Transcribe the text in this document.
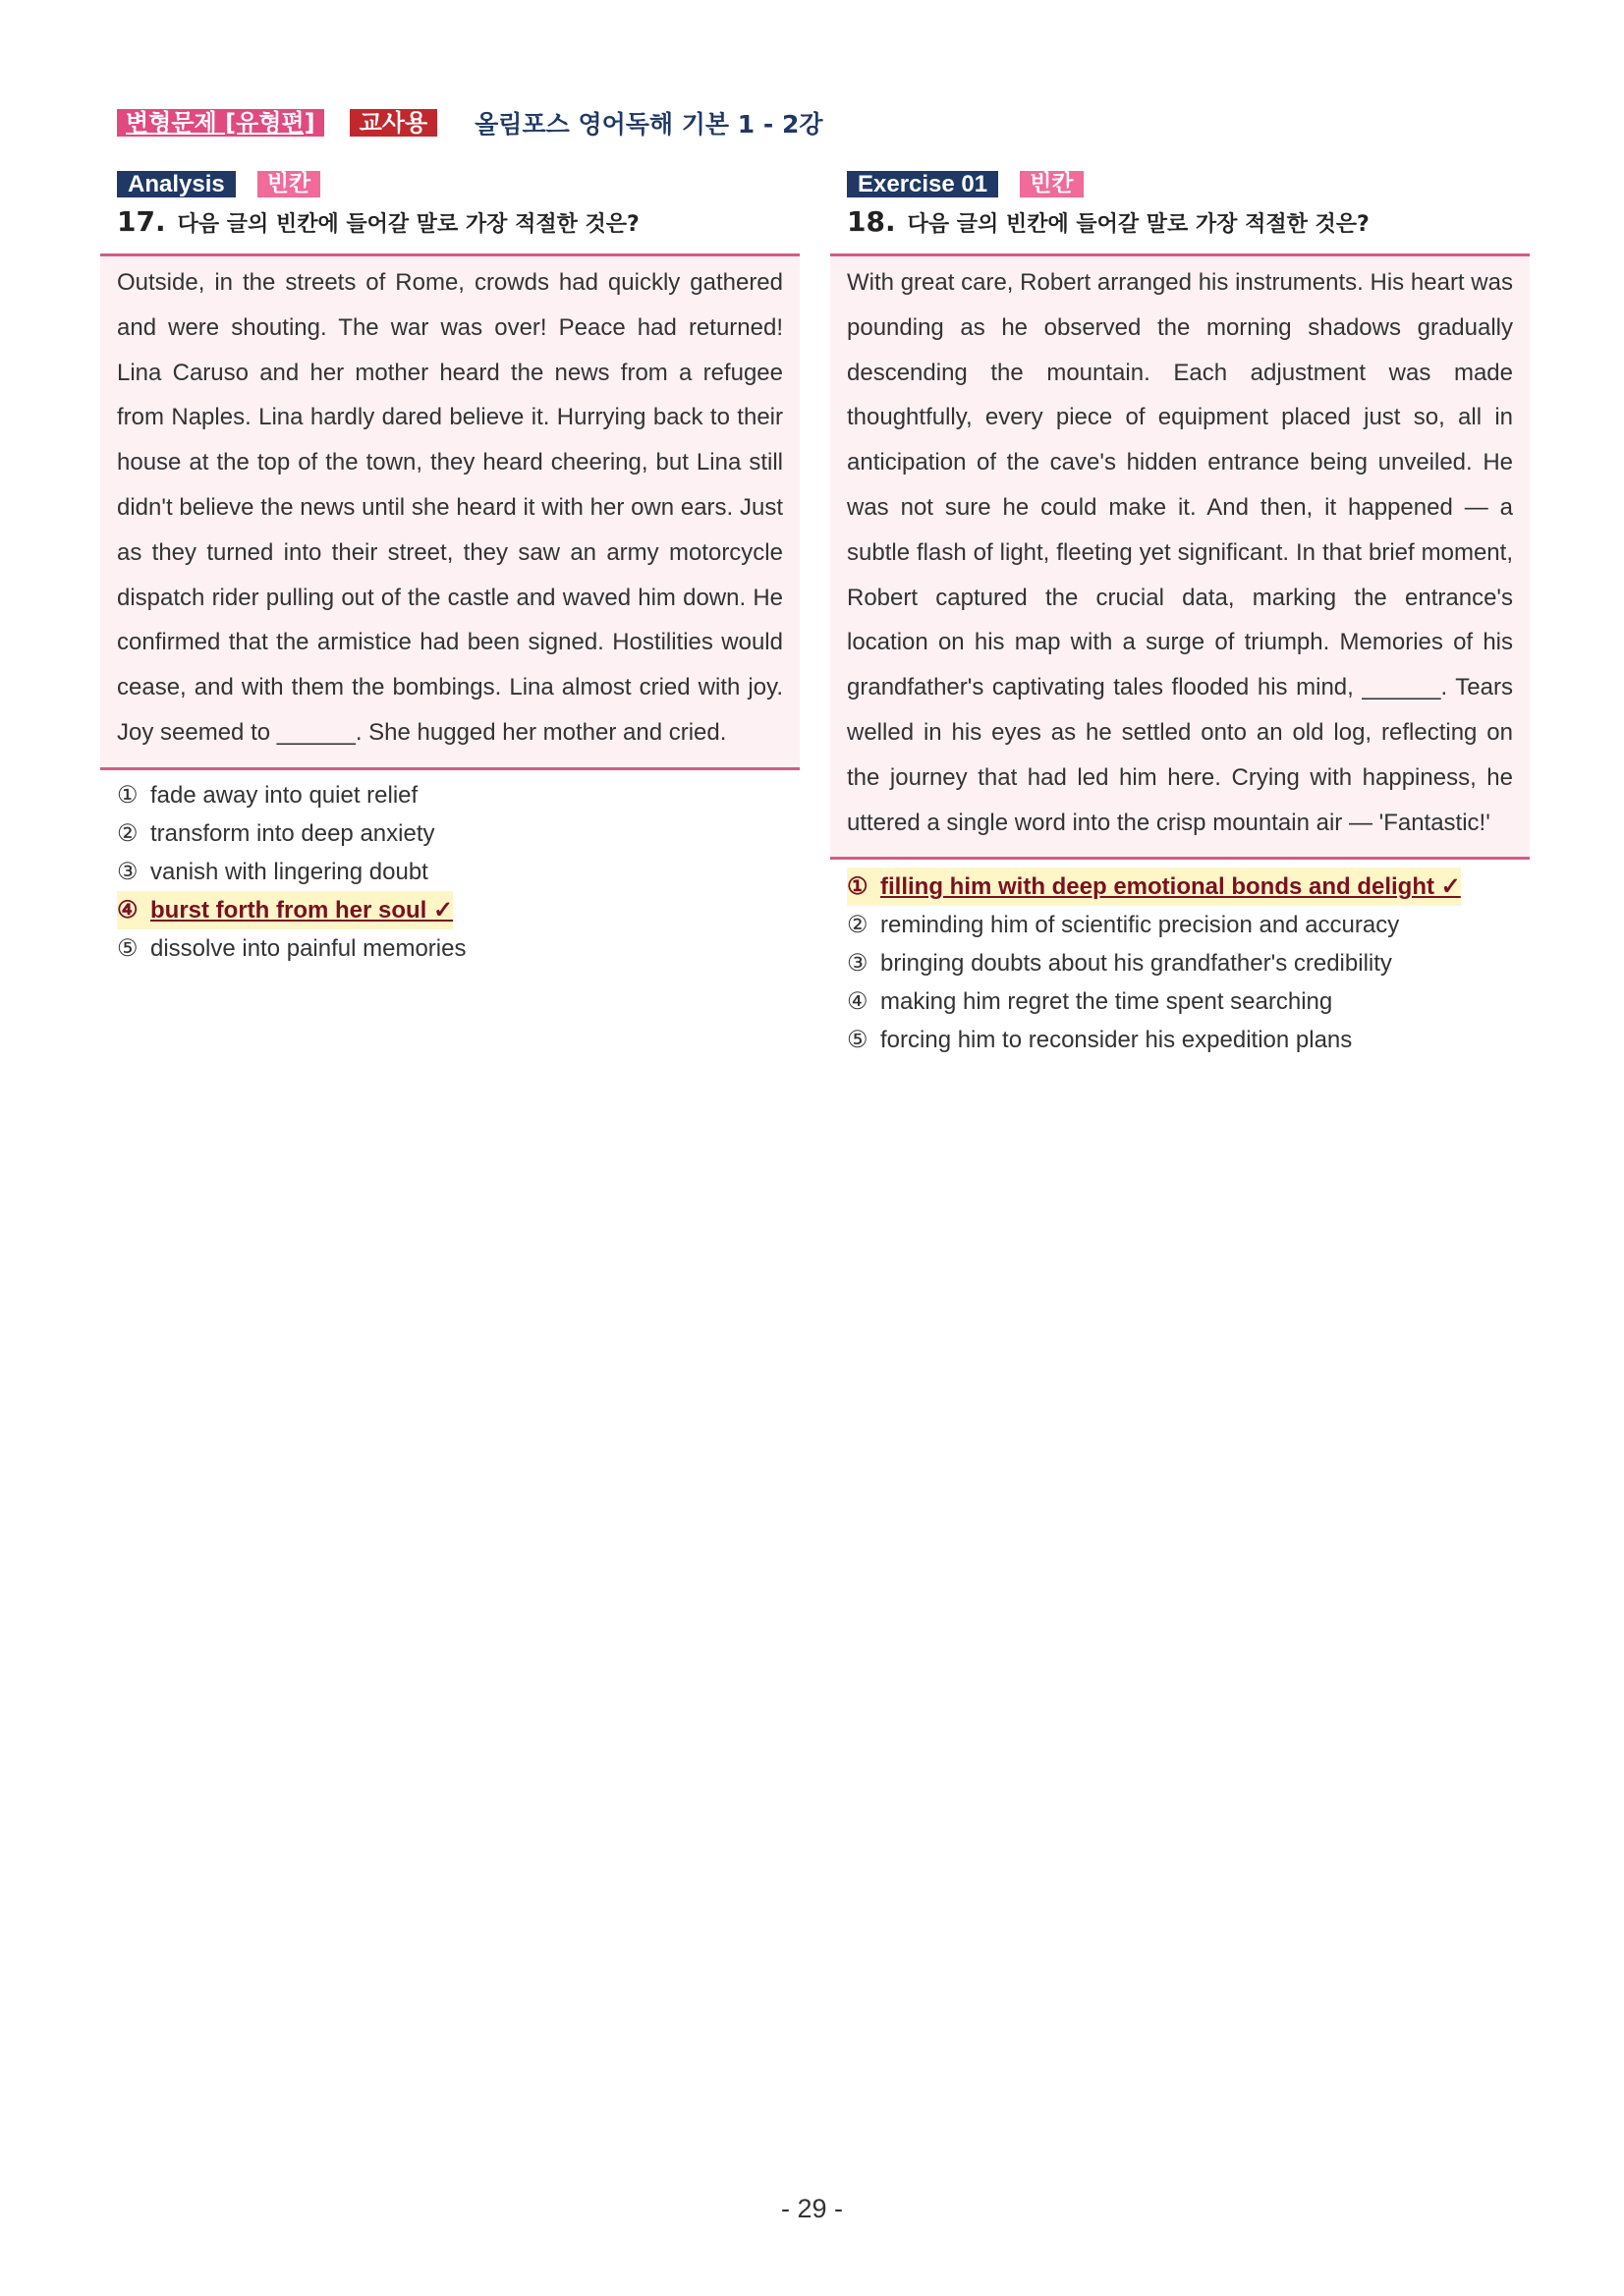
변형문제 [유형편]	교사용	올림포스 영어독해 기본 1 - 2강
Analysis	빈칸
17. 다음 글의 빈칸에 들어갈 말로 가장 적절한 것은?
Outside, in the streets of Rome, crowds had quickly gathered and were shouting. The war was over! Peace had returned! Lina Caruso and her mother heard the news from a refugee from Naples. Lina hardly dared believe it. Hurrying back to their house at the top of the town, they heard cheering, but Lina still didn't believe the news until she heard it with her own ears. Just as they turned into their street, they saw an army motorcycle dispatch rider pulling out of the castle and waved him down. He confirmed that the armistice had been signed. Hostilities would cease, and with them the bombings. Lina almost cried with joy. Joy seemed to ______. She hugged her mother and cried.
① fade away into quiet relief
② transform into deep anxiety
③ vanish with lingering doubt
④ burst forth from her soul ✓
⑤ dissolve into painful memories
Exercise 01	빈칸
18. 다음 글의 빈칸에 들어갈 말로 가장 적절한 것은?
With great care, Robert arranged his instruments. His heart was pounding as he observed the morning shadows gradually descending the mountain. Each adjustment was made thoughtfully, every piece of equipment placed just so, all in anticipation of the cave's hidden entrance being unveiled. He was not sure he could make it. And then, it happened — a subtle flash of light, fleeting yet significant. In that brief moment, Robert captured the crucial data, marking the entrance's location on his map with a surge of triumph. Memories of his grandfather's captivating tales flooded his mind, ______. Tears welled in his eyes as he settled onto an old log, reflecting on the journey that had led him here. Crying with happiness, he uttered a single word into the crisp mountain air — 'Fantastic!'
① filling him with deep emotional bonds and delight ✓
② reminding him of scientific precision and accuracy
③ bringing doubts about his grandfather's credibility
④ making him regret the time spent searching
⑤ forcing him to reconsider his expedition plans
- 29 -
